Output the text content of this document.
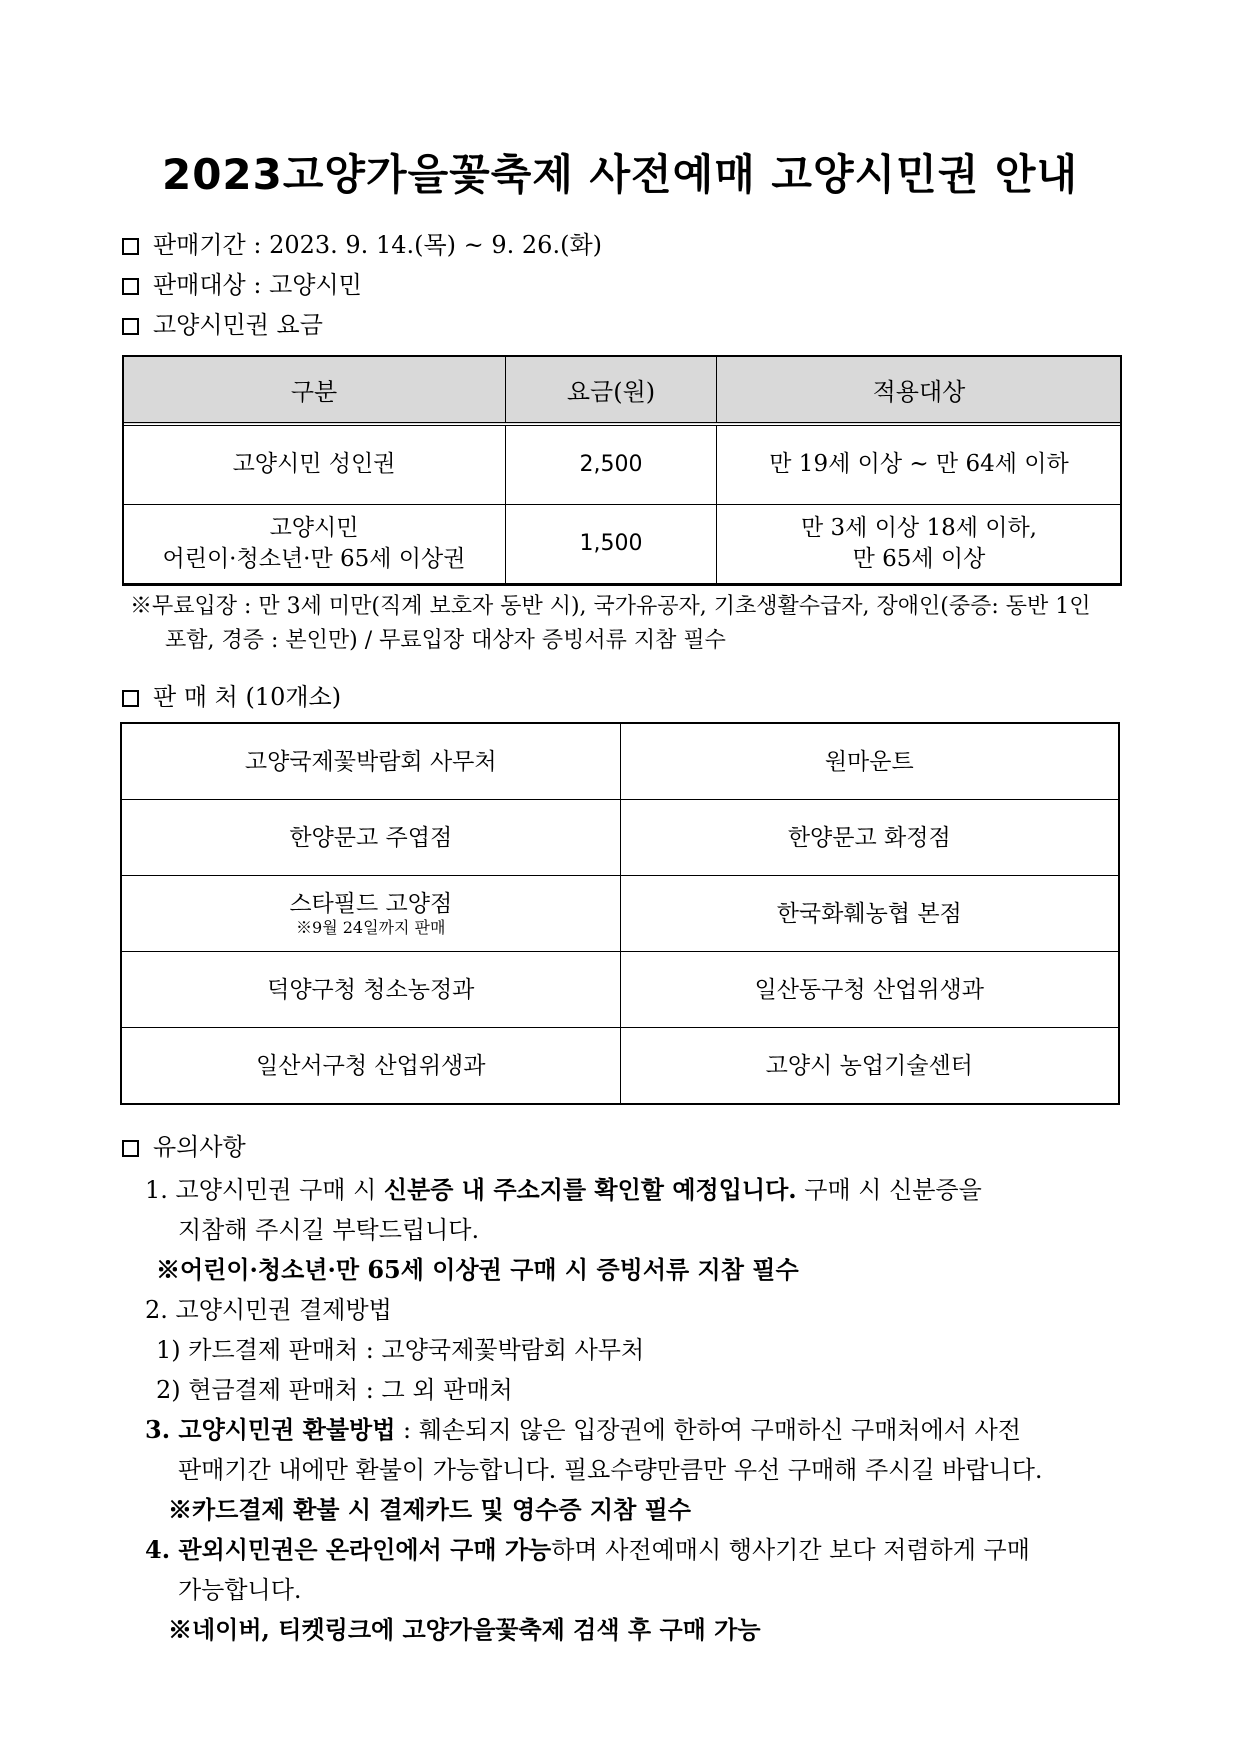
2023고양가을꽃축제 사전예매 고양시민권 안내
판매기간 : 2023. 9. 14.(목) ~ 9. 26.(화)
판매대상 : 고양시민
고양시민권 요금
구분	요금(원)	적용대상
고양시민 성인권	2,500	만 19세 이상 ~ 만 64세 이하

고양시민
어린이·청소년·만 65세 이상권	1,500	만 3세 이상 18세 이하,
만 65세 이상
※무료입장 : 만 3세 미만(직계 보호자 동반 시), 국가유공자, 기초생활수급자, 장애인(중증: 동반 1인
포함, 경증 : 본인만) / 무료입장 대상자 증빙서류 지참 필수
판 매 처 (10개소)
고양국제꽃박람회 사무처	원마운트
한양문고 주엽점	한양문고 화정점

스타필드 고양점
※9월 24일까지 판매	한국화훼농협 본점
덕양구청 청소농정과	일산동구청 산업위생과
일산서구청 산업위생과	고양시 농업기술센터
유의사항
1. 고양시민권 구매 시 신분증 내 주소지를 확인할 예정입니다. 구매 시 신분증을
지참해 주시길 부탁드립니다.
※어린이·청소년·만 65세 이상권 구매 시 증빙서류 지참 필수
2. 고양시민권 결제방법
1) 카드결제 판매처 : 고양국제꽃박람회 사무처
2) 현금결제 판매처 : 그 외 판매처
3. 고양시민권 환불방법 : 훼손되지 않은 입장권에 한하여 구매하신 구매처에서 사전
판매기간 내에만 환불이 가능합니다. 필요수량만큼만 우선 구매해 주시길 바랍니다.
※카드결제 환불 시 결제카드 및 영수증 지참 필수
4. 관외시민권은 온라인에서 구매 가능하며 사전예매시 행사기간 보다 저렴하게 구매
가능합니다.
※네이버, 티켓링크에 고양가을꽃축제 검색 후 구매 가능
